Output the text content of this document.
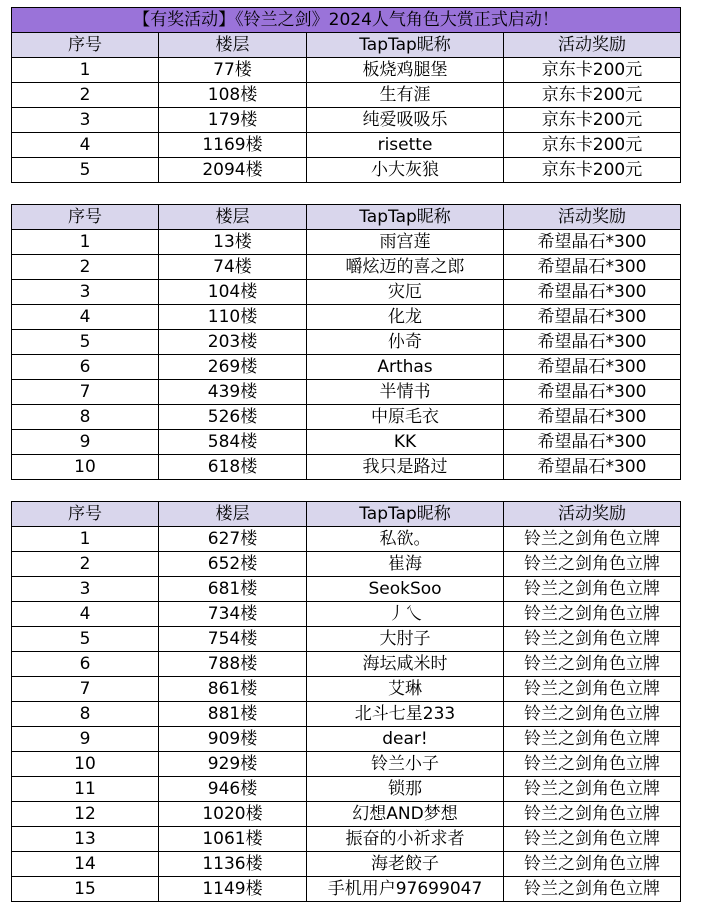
【有奖活动】《铃兰之剑》2024人气角色大赏正式启动！			
序号	楼层	TapTap昵称	活动奖励
1	77楼	板烧鸡腿堡	京东卡200元
2	108楼	生有涯	京东卡200元
3	179楼	纯爱吸吸乐	京东卡200元
4	1169楼	risette	京东卡200元
5	2094楼	小大灰狼	京东卡200元
序号	楼层	TapTap昵称	活动奖励
1	13楼	雨宫莲	希望晶石*300
2	74楼	嚼炫迈的喜之郎	希望晶石*300
3	104楼	灾厄	希望晶石*300
4	110楼	化龙	希望晶石*300
5	203楼	仦奇	希望晶石*300
6	269楼	Arthas	希望晶石*300
7	439楼	半情书	希望晶石*300
8	526楼	中原毛衣	希望晶石*300
9	584楼	KK	希望晶石*300
10	618楼	我只是路过	希望晶石*300
序号	楼层	TapTap昵称	活动奖励
1	627楼	私欲。	铃兰之剑角色立牌
2	652楼	崔海	铃兰之剑角色立牌
3	681楼	SeokSoo	铃兰之剑角色立牌
4	734楼	丿乀	铃兰之剑角色立牌
5	754楼	大肘子	铃兰之剑角色立牌
6	788楼	海坛咸米时	铃兰之剑角色立牌
7	861楼	艾琳	铃兰之剑角色立牌
8	881楼	北斗七星233	铃兰之剑角色立牌
9	909楼	dear!	铃兰之剑角色立牌
10	929楼	铃兰小子	铃兰之剑角色立牌
11	946楼	锁那	铃兰之剑角色立牌
12	1020楼	幻想AND梦想	铃兰之剑角色立牌
13	1061楼	振奋的小祈求者	铃兰之剑角色立牌
14	1136楼	海老餃子	铃兰之剑角色立牌
15	1149楼	手机用户97699047	铃兰之剑角色立牌
